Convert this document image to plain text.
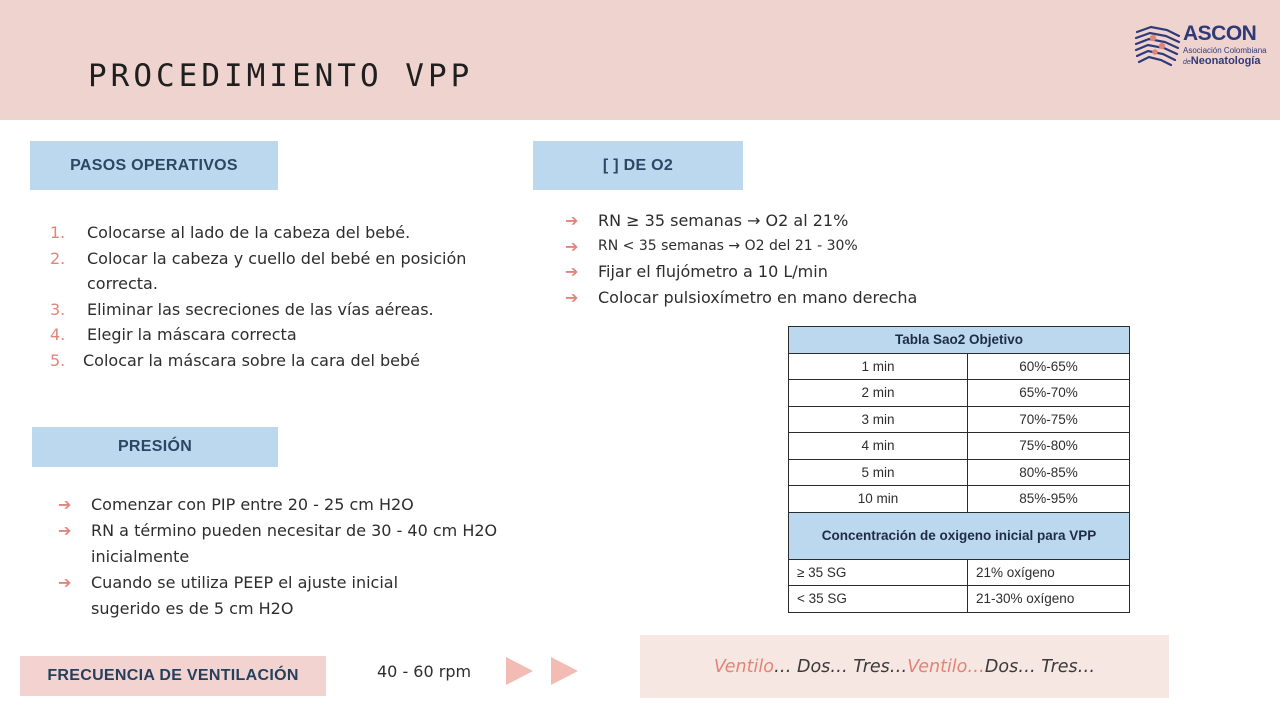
PROCEDIMIENTO VPP
ASCON
Asociación Colombiana
deNeonatología
PASOS OPERATIVOS
1.	Colocarse al lado de la cabeza del bebé.
2.	Colocar la cabeza y cuello del bebé en posición correcta.
3.	Eliminar las secreciones de las vías aéreas.
4.	Elegir la máscara correcta
5.	Colocar la máscara sobre la cara del bebé
[ ] DE O2
➔	RN ≥ 35 semanas → O2 al 21%
➔	RN < 35 semanas → O2 del 21 - 30%
➔	Fijar el flujómetro a 10 L/min
➔	Colocar pulsioxímetro en mano derecha
PRESIÓN
➔	Comenzar con PIP entre 20 - 25 cm H2O
➔	RN a término pueden necesitar de 30 - 40 cm H2O inicialmente
➔	Cuando se utiliza PEEP el ajuste inicial sugerido es de 5 cm H2O
Tabla Sao2 Objetivo	
1 min	60%-65%
2 min	65%-70%
3 min	70%-75%
4 min	75%-80%
5 min	80%-85%
10 min	85%-95%
Concentración de oxigeno inicial para VPP	
≥ 35 SG	21% oxígeno
< 35 SG	21-30% oxígeno
FRECUENCIA DE VENTILACIÓN	40 - 60 rpm	Ventilo … Dos… Tres… Ventilo… Dos… Tres…
